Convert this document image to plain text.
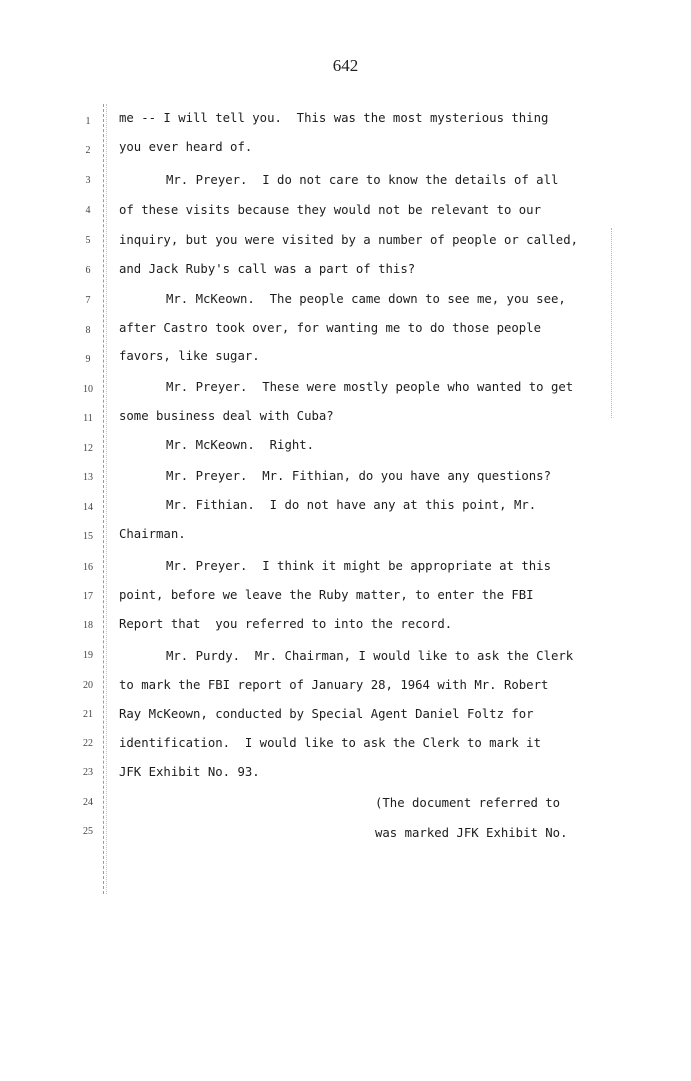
642
1
2
3
4
5
6
7
8
9
10
11
12
13
14
15
16
17
18
19
20
21
22
23
24
25
me -- I will tell you.  This was the most mysterious thing
you ever heard of.
Mr. Preyer.  I do not care to know the details of all
of these visits because they would not be relevant to our
inquiry, but you were visited by a number of people or called,
and Jack Ruby's call was a part of this?
Mr. McKeown.  The people came down to see me, you see,
after Castro took over, for wanting me to do those people
favors, like sugar.
Mr. Preyer.  These were mostly people who wanted to get
some business deal with Cuba?
Mr. McKeown.  Right.
Mr. Preyer.  Mr. Fithian, do you have any questions?
Mr. Fithian.  I do not have any at this point, Mr.
Chairman.
Mr. Preyer.  I think it might be appropriate at this
point, before we leave the Ruby matter, to enter the FBI
Report that  you referred to into the record.
Mr. Purdy.  Mr. Chairman, I would like to ask the Clerk
to mark the FBI report of January 28, 1964 with Mr. Robert
Ray McKeown, conducted by Special Agent Daniel Foltz for
identification.  I would like to ask the Clerk to mark it
JFK Exhibit No. 93.
(The document referred to
was marked JFK Exhibit No.
